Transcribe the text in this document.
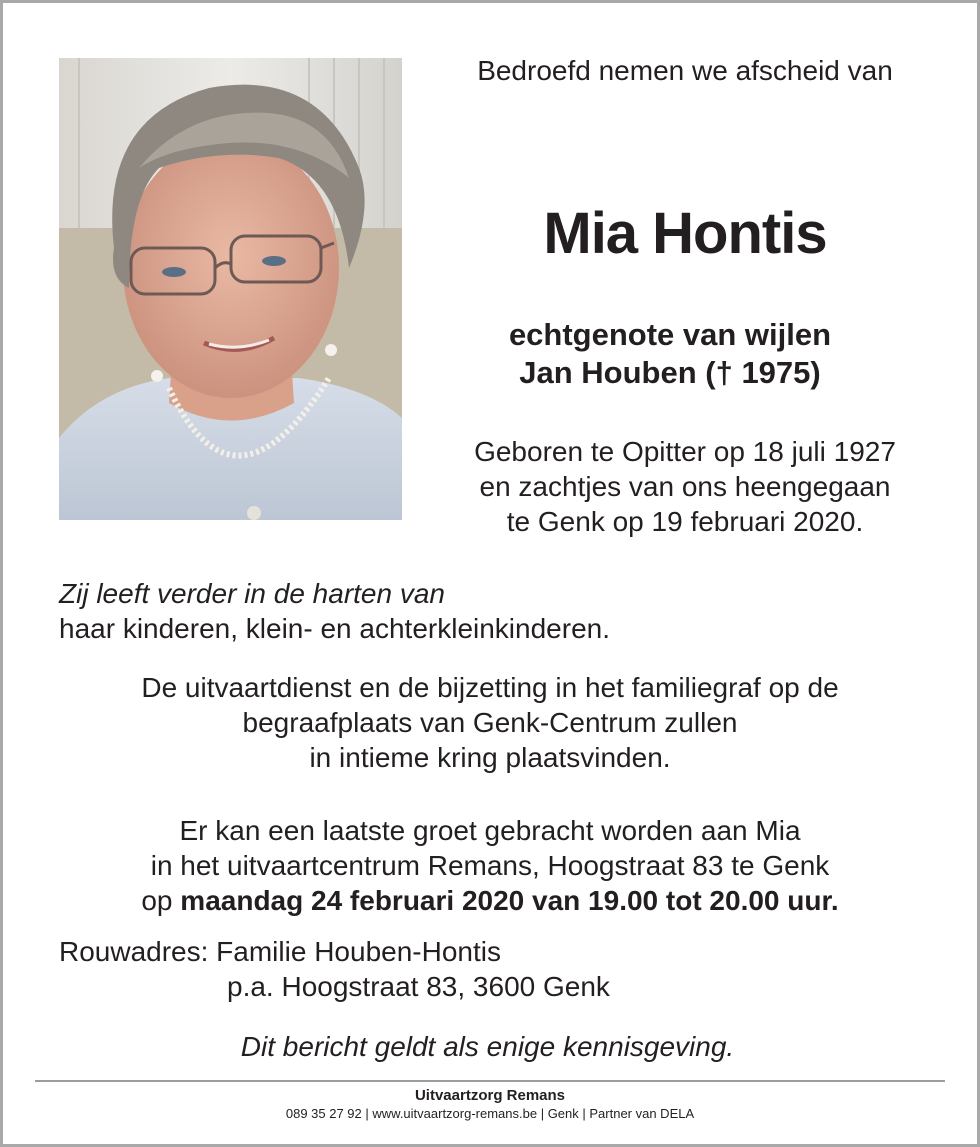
Bedroefd nemen we afscheid van
Mia Hontis
echtgenote van wijlen
Jan Houben († 1975)
Geboren te Opitter op 18 juli 1927
en zachtjes van ons heengegaan
te Genk op 19 februari 2020.
Zij leeft verder in de harten van
haar kinderen, klein- en achterkleinkinderen.
De uitvaartdienst en de bijzetting in het familiegraf op de
begraafplaats van Genk-Centrum zullen
in intieme kring plaatsvinden.
Er kan een laatste groet gebracht worden aan Mia
in het uitvaartcentrum Remans, Hoogstraat 83 te Genk
op maandag 24 februari 2020 van 19.00 tot 20.00 uur.
Rouwadres: Familie Houben-Hontis
p.a. Hoogstraat 83, 3600 Genk
Dit bericht geldt als enige kennisgeving.
Uitvaartzorg Remans
089 35 27 92 | www.uitvaartzorg-remans.be | Genk | Partner van DELA
